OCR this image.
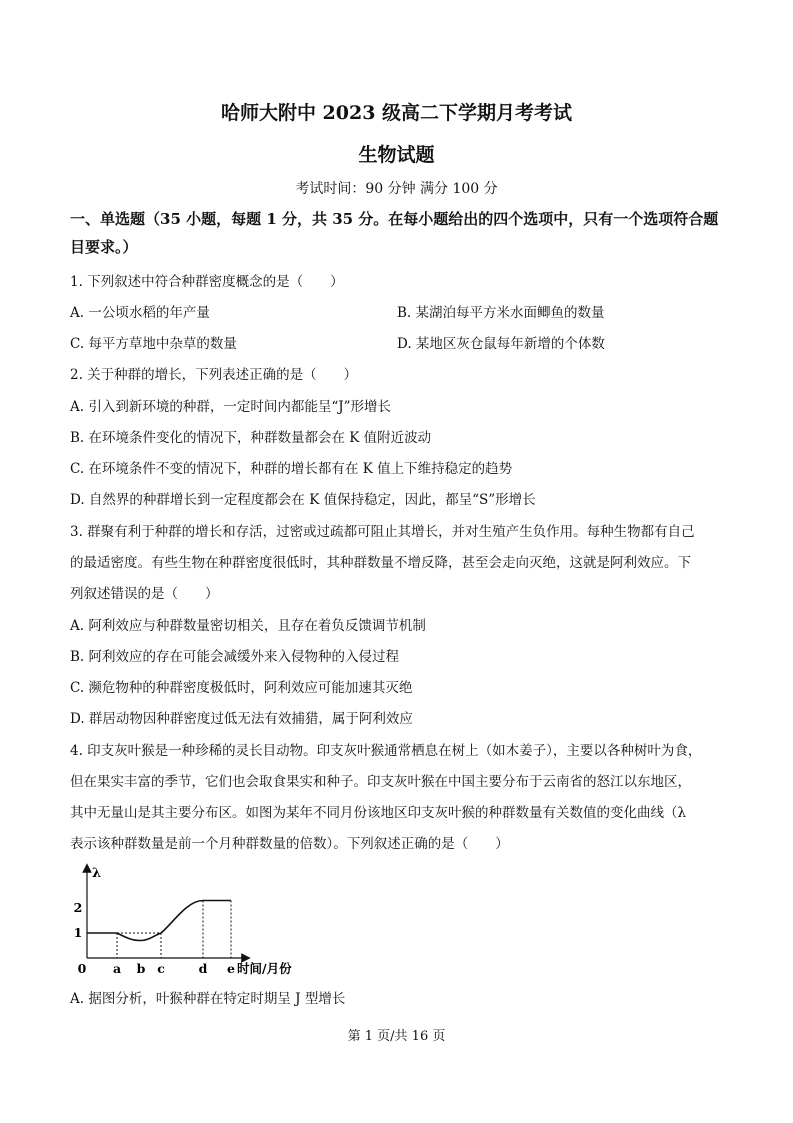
哈师大附中 2023 级高二下学期月考考试
生物试题
考试时间：90 分钟 满分 100 分
一、单选题（35 小题，每题 1 分，共 35 分。在每小题给出的四个选项中，只有一个选项符合题目要求。）
1. 下列叙述中符合种群密度概念的是（　　）
A. 一公顷水稻的年产量	B. 某湖泊每平方米水面鲫鱼的数量
C. 每平方草地中杂草的数量	D. 某地区灰仓鼠每年新增的个体数
2. 关于种群的增长，下列表述正确的是（　　）
A. 引入到新环境的种群，一定时间内都能呈“J”形增长
B. 在环境条件变化的情况下，种群数量都会在 K 值附近波动
C. 在环境条件不变的情况下，种群的增长都有在 K 值上下维持稳定的趋势
D. 自然界的种群增长到一定程度都会在 K 值保持稳定，因此，都呈“S”形增长
3. 群聚有利于种群的增长和存活，过密或过疏都可阻止其增长，并对生殖产生负作用。每种生物都有自己
的最适密度。有些生物在种群密度很低时，其种群数量不增反降，甚至会走向灭绝，这就是阿利效应。下
列叙述错误的是（　　）
A. 阿利效应与种群数量密切相关，且存在着负反馈调节机制
B. 阿利效应的存在可能会减缓外来入侵物种的入侵过程
C. 濒危物种的种群密度极低时，阿利效应可能加速其灭绝
D. 群居动物因种群密度过低无法有效捕猎，属于阿利效应
4. 印支灰叶猴是一种珍稀的灵长目动物。印支灰叶猴通常栖息在树上（如木姜子），主要以各种树叶为食，
但在果实丰富的季节，它们也会取食果实和种子。印支灰叶猴在中国主要分布于云南省的怒江以东地区，
其中无量山是其主要分布区。如图为某年不同月份该地区印支灰叶猴的种群数量有关数值的变化曲线（λ
表示该种群数量是前一个月种群数量的倍数）。下列叙述正确的是（　　）
λ
时间/月份
0 a b c	d e
1
2
A. 据图分析，叶猴种群在特定时期呈 J 型增长
第 1 页/共 16 页
